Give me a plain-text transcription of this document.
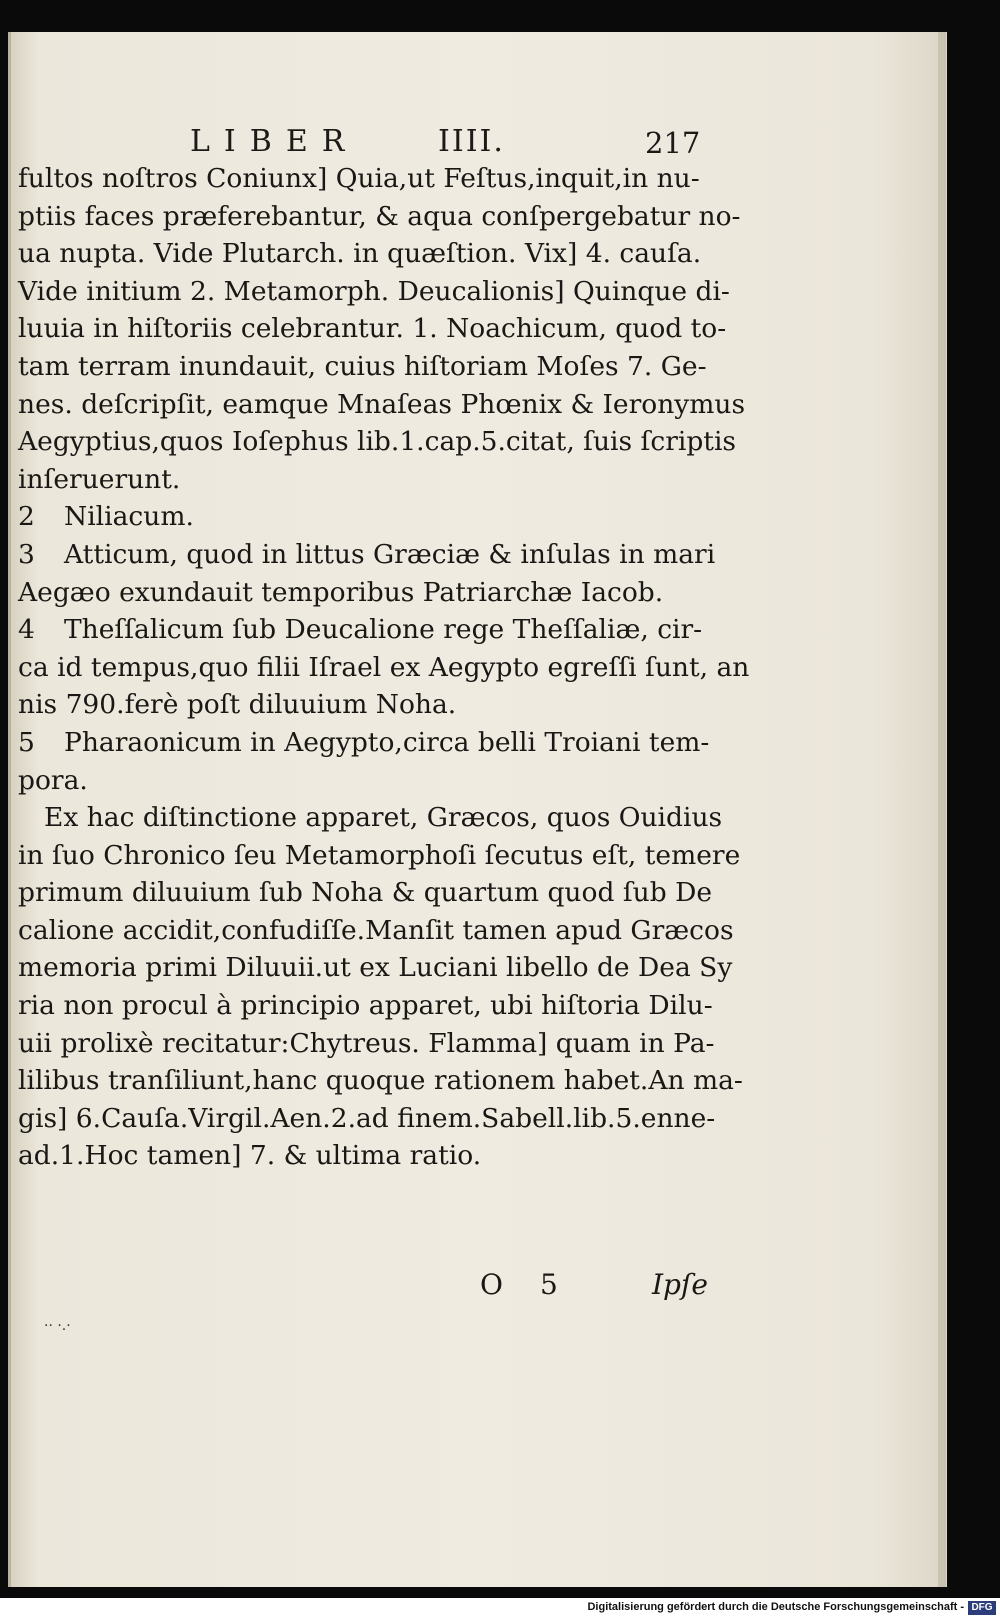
LIBER	IIII.	217
fultos noſtros Coniunx] Quia,ut Feſtus,inquit,in nu-
ptiis faces præferebantur, & aqua conſpergebatur no-
ua nupta. Vide Plutarch. in quæſtion. Vix] 4. cauſa.
Vide initium 2. Metamorph. Deucalionis] Quinque di-
luuia in hiſtoriis celebrantur. 1. Noachicum, quod to-
tam terram inundauit, cuius hiſtoriam Moſes 7. Ge-
nes. deſcripſit, eamque Mnaſeas Phœnix & Ieronymus
Aegyptius,quos Ioſephus lib.1.cap.5.citat, ſuis ſcriptis
inſeruerunt.
2 Niliacum.
3 Atticum, quod in littus Græciæ & inſulas in mari
Aegæo exundauit temporibus Patriarchæ Iacob.
4 Theſſalicum ſub Deucalione rege Theſſaliæ, cir-
ca id tempus,quo filii Iſrael ex Aegypto egreſſi ſunt, an
nis 790.ferè poſt diluuium Noha.
5 Pharaonicum in Aegypto,circa belli Troiani tem-
pora.
Ex hac diſtinctione apparet, Græcos, quos Ouidius
in ſuo Chronico ſeu Metamorphoſi ſecutus eſt, temere
primum diluuium ſub Noha & quartum quod ſub De
calione accidit,confudiſſe.Manſit tamen apud Græcos
memoria primi Diluuii.ut ex Luciani libello de Dea Sy
ria non procul à principio apparet, ubi hiſtoria Dilu-
uii prolixè recitatur:Chytreus. Flamma] quam in Pa-
lilibus tranſiliunt,hanc quoque rationem habet.An ma-
gis] 6.Cauſa.Virgil.Aen.2.ad finem.Sabell.lib.5.enne-
ad.1.Hoc tamen] 7. & ultima ratio.
O 5	Ipſe
·· ·.·
Digitalisierung gefördert durch die Deutsche Forschungsgemeinschaft - DFG
